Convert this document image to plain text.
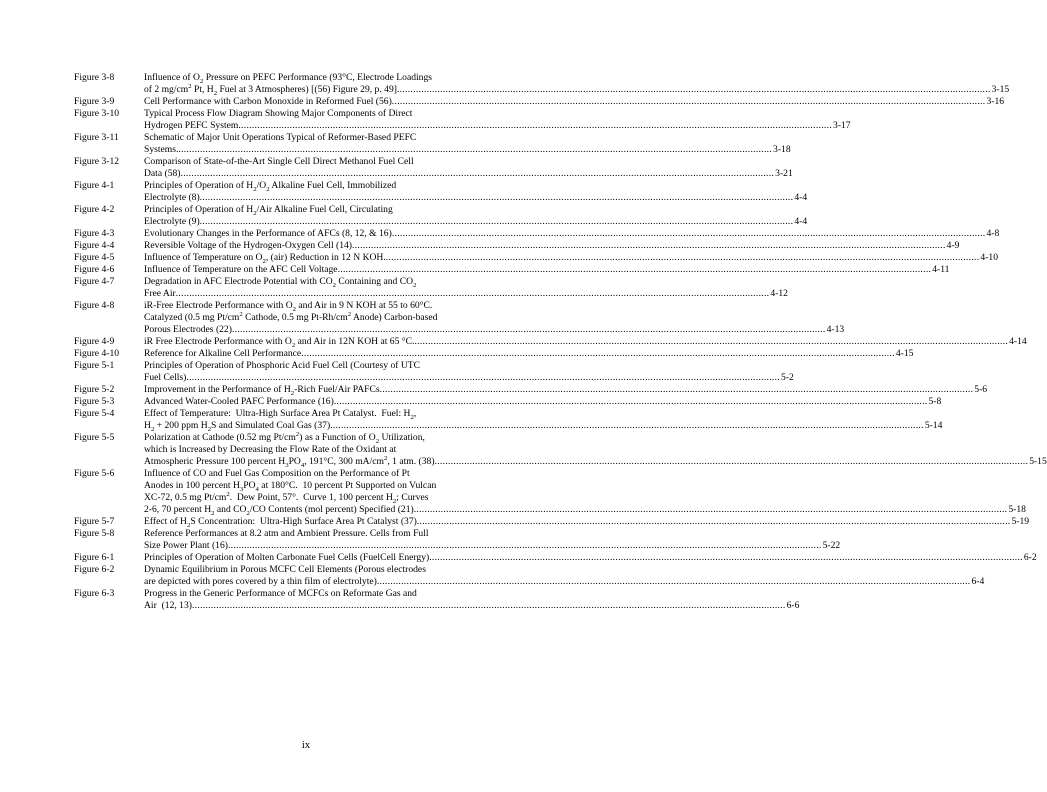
Figure 3-8	Influence of $O_2$ Pressure on PEFC Performance (93°C, Electrode Loadings
of 2 $mg/cm^2$ Pt, $H_2$ Fuel at 3 Atmospheres) [(56) Figure 29, p. 49] ............................................................................................................................................................................................................................ 3-15
Figure 3-9	Cell Performance with Carbon Monoxide in Reformed Fuel (56) ............................................................................................................................................................................................................................ 3-16
Figure 3-10	Typical Process Flow Diagram Showing Major Components of Direct
Hydrogen PEFC System ............................................................................................................................................................................................................................ 3-17
Figure 3-11	Schematic of Major Unit Operations Typical of Reformer-Based PEFC
Systems. ............................................................................................................................................................................................................................ 3-18
Figure 3-12	Comparison of State-of-the-Art Single Cell Direct Methanol Fuel Cell
Data (58) ............................................................................................................................................................................................................................ 3-21
Figure 4-1	Principles of Operation of $H_2/O_2$ Alkaline Fuel Cell, Immobilized
Electrolyte (8) ............................................................................................................................................................................................................................ 4-4
Figure 4-2	Principles of Operation of $H_2$/Air Alkaline Fuel Cell, Circulating
Electrolyte (9) ............................................................................................................................................................................................................................ 4-4
Figure 4-3	Evolutionary Changes in the Performance of AFCs (8, 12, & 16) ............................................................................................................................................................................................................................ 4-8
Figure 4-4	Reversible Voltage of the Hydrogen-Oxygen Cell (14) ............................................................................................................................................................................................................................ 4-9
Figure 4-5	Influence of Temperature on $O_2$, (air) Reduction in 12 N KOH. ............................................................................................................................................................................................................................ 4-10
Figure 4-6	Influence of Temperature on the AFC Cell Voltage ............................................................................................................................................................................................................................ 4-11
Figure 4-7	Degradation in AFC Electrode Potential with $CO_2$ Containing and $CO_2$
Free Air ............................................................................................................................................................................................................................ 4-12
Figure 4-8	iR-Free Electrode Performance with $O_2$ and Air in 9 N KOH at 55 to 60°C.
Catalyzed (0.5 mg $Pt/cm^2$ Cathode, 0.5 mg $Pt-Rh/cm^2$ Anode) Carbon-based
Porous Electrodes (22) ............................................................................................................................................................................................................................ 4-13
Figure 4-9	iR Free Electrode Performance with $O_2$ and Air in 12N KOH at 65 °C. ............................................................................................................................................................................................................................ 4-14
Figure 4-10	Reference for Alkaline Cell Performance ............................................................................................................................................................................................................................ 4-15
Figure 5-1	Principles of Operation of Phosphoric Acid Fuel Cell (Courtesy of UTC
Fuel Cells) ............................................................................................................................................................................................................................ 5-2
Figure 5-2	Improvement in the Performance of $H_2$-Rich Fuel/Air PAFCs ............................................................................................................................................................................................................................ 5-6
Figure 5-3	Advanced Water-Cooled PAFC Performance (16) ............................................................................................................................................................................................................................ 5-8
Figure 5-4	Effect of Temperature:  Ultra-High Surface Area Pt Catalyst.  Fuel: $H_2$,
$H_2 + 200$ ppm $H_2S$ and Simulated Coal Gas (37) ............................................................................................................................................................................................................................ 5-14
Figure 5-5	Polarization at Cathode (0.52 mg $Pt/cm^2$) as a Function of $O_2$ Utilization,
which is Increased by Decreasing the Flow Rate of the Oxidant at
Atmospheric Pressure 100 percent $H_3PO_4$, 191°C, 300 $mA/cm^2$, 1 atm. (38) ............................................................................................................................................................................................................................ 5-15
Figure 5-6	Influence of CO and Fuel Gas Composition on the Performance of Pt
Anodes in 100 percent $H_3PO_4$ at 180°C.  10 percent Pt Supported on Vulcan
XC-72, 0.5 mg $Pt/cm^2$.  Dew Point, 57°.  Curve 1, 100 percent $H_2$; Curves
2-6, 70 percent $H_2$ and $CO_2/CO$ Contents (mol percent) Specified (21) ............................................................................................................................................................................................................................ 5-18
Figure 5-7	Effect of $H_2S$ Concentration:  Ultra-High Surface Area Pt Catalyst (37) ............................................................................................................................................................................................................................ 5-19
Figure 5-8	Reference Performances at 8.2 atm and Ambient Pressure. Cells from Full
Size Power Plant (16) ............................................................................................................................................................................................................................ 5-22
Figure 6-1	Principles of Operation of Molten Carbonate Fuel Cells (FuelCell Energy) ............................................................................................................................................................................................................................ 6-2
Figure 6-2	Dynamic Equilibrium in Porous MCFC Cell Elements (Porous electrodes
are depicted with pores covered by a thin film of electrolyte) ............................................................................................................................................................................................................................ 6-4
Figure 6-3	Progress in the Generic Performance of MCFCs on Reformate Gas and
Air  (12, 13) ............................................................................................................................................................................................................................ 6-6
ix
